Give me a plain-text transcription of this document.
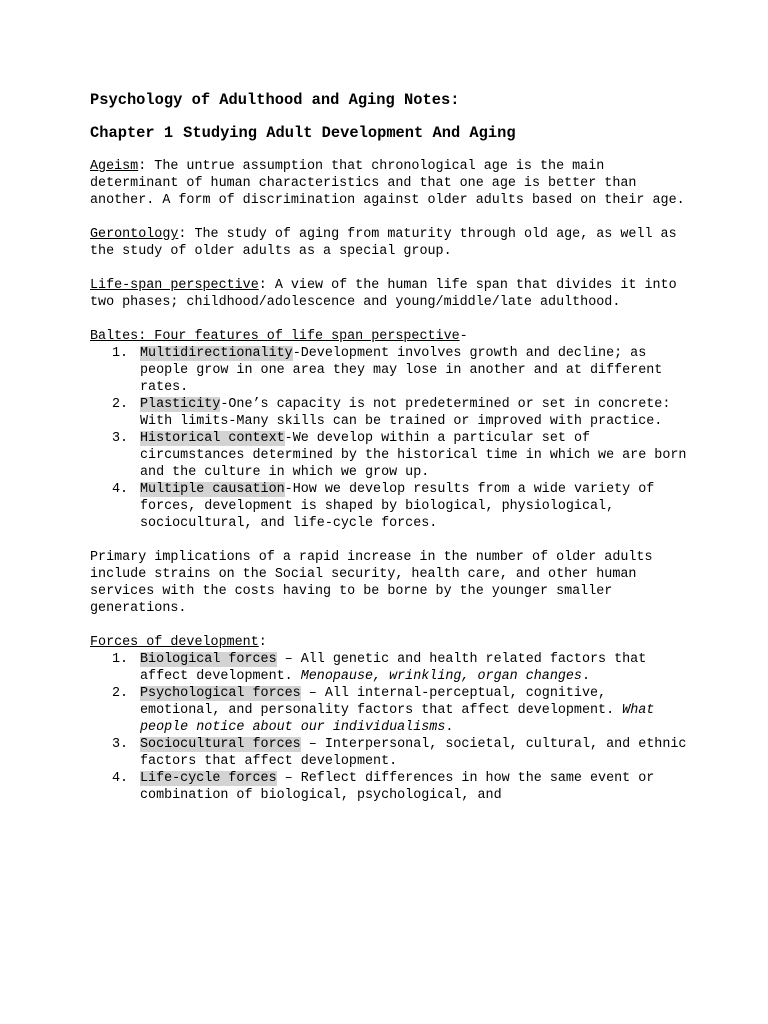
Psychology of Adulthood and Aging Notes:
Chapter 1 Studying Adult Development And Aging

Ageism: The untrue assumption that chronological age is the main determinant of human characteristics and that one age is better than another. A form of discrimination against older adults based on their age.

Gerontology: The study of aging from maturity through old age, as well as the study of older adults as a special group.

Life-span perspective: A view of the human life span that divides it into two phases; childhood/adolescence and young/middle/late adulthood.

Baltes: Four features of life span perspective-
1. Multidirectionality-Development involves growth and decline; as people grow in one area they may lose in another and at different rates.
2. Plasticity-One’s capacity is not predetermined or set in concrete: With limits-Many skills can be trained or improved with practice.
3. Historical context-We develop within a particular set of circumstances determined by the historical time in which we are born and the culture in which we grow up.
4. Multiple causation-How we develop results from a wide variety of forces, development is shaped by biological, physiological, sociocultural, and life-cycle forces.

Primary implications of a rapid increase in the number of older adults include strains on the Social security, health care, and other human services with the costs having to be borne by the younger smaller generations.

Forces of development:
1. Biological forces – All genetic and health related factors that affect development. Menopause, wrinkling, organ changes.
2. Psychological forces – All internal-perceptual, cognitive, emotional, and personality factors that affect development. What people notice about our individualisms.
3. Sociocultural forces – Interpersonal, societal, cultural, and ethnic factors that affect development.
4. Life-cycle forces – Reflect differences in how the same event or combination of biological, psychological, and
